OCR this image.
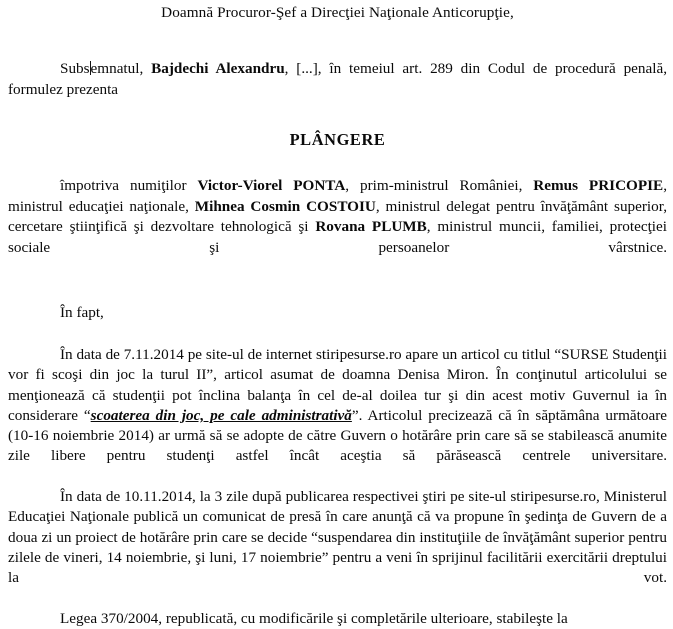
Doamnă Procuror-Şef a Direcţiei Naţionale Anticorupţie,

Subsemnatul, Bajdechi Alexandru, [...], în temeiul art. 289 din Codul de procedură penală, formulez prezenta

PLÂNGERE

împotriva numiţilor Victor-Viorel PONTA, prim-ministrul României, Remus PRICOPIE, ministrul educaţiei naţionale, Mihnea Cosmin COSTOIU, ministrul delegat pentru învăţământ superior, cercetare ştiinţifică şi dezvoltare tehnologică şi Rovana PLUMB, ministrul muncii, familiei, protecţiei sociale şi persoanelor vârstnice.

În fapt,

În data de 7.11.2014 pe site-ul de internet stiripesurse.ro apare un articol cu titlul “SURSE Studenţii vor fi scoşi din joc la turul II”, articol asumat de doamna Denisa Miron. În conţinutul articolului se menţionează că studenţii pot înclina balanţa în cel de-al doilea tur şi din acest motiv Guvernul ia în considerare “scoaterea din joc, pe cale administrativă”. Articolul precizează că în săptămâna următoare (10-16 noiembrie 2014) ar urmă să se adopte de către Guvern o hotărâre prin care să se stabilească anumite zile libere pentru studenţi astfel încât aceştia să părăsească centrele universitare.

În data de 10.11.2014, la 3 zile după publicarea respectivei ştiri pe site-ul stiripesurse.ro, Ministerul Educaţiei Naţionale publică un comunicat de presă în care anunţă că va propune în şedinţa de Guvern de a doua zi un proiect de hotărâre prin care se decide “suspendarea din instituţiile de învăţământ superior pentru zilele de vineri, 14 noiembrie, şi luni, 17 noiembrie” pentru a veni în sprijinul facilitării exercitării dreptului la vot.

Legea 370/2004, republicată, cu modificările şi completările ulterioare, stabileşte la
